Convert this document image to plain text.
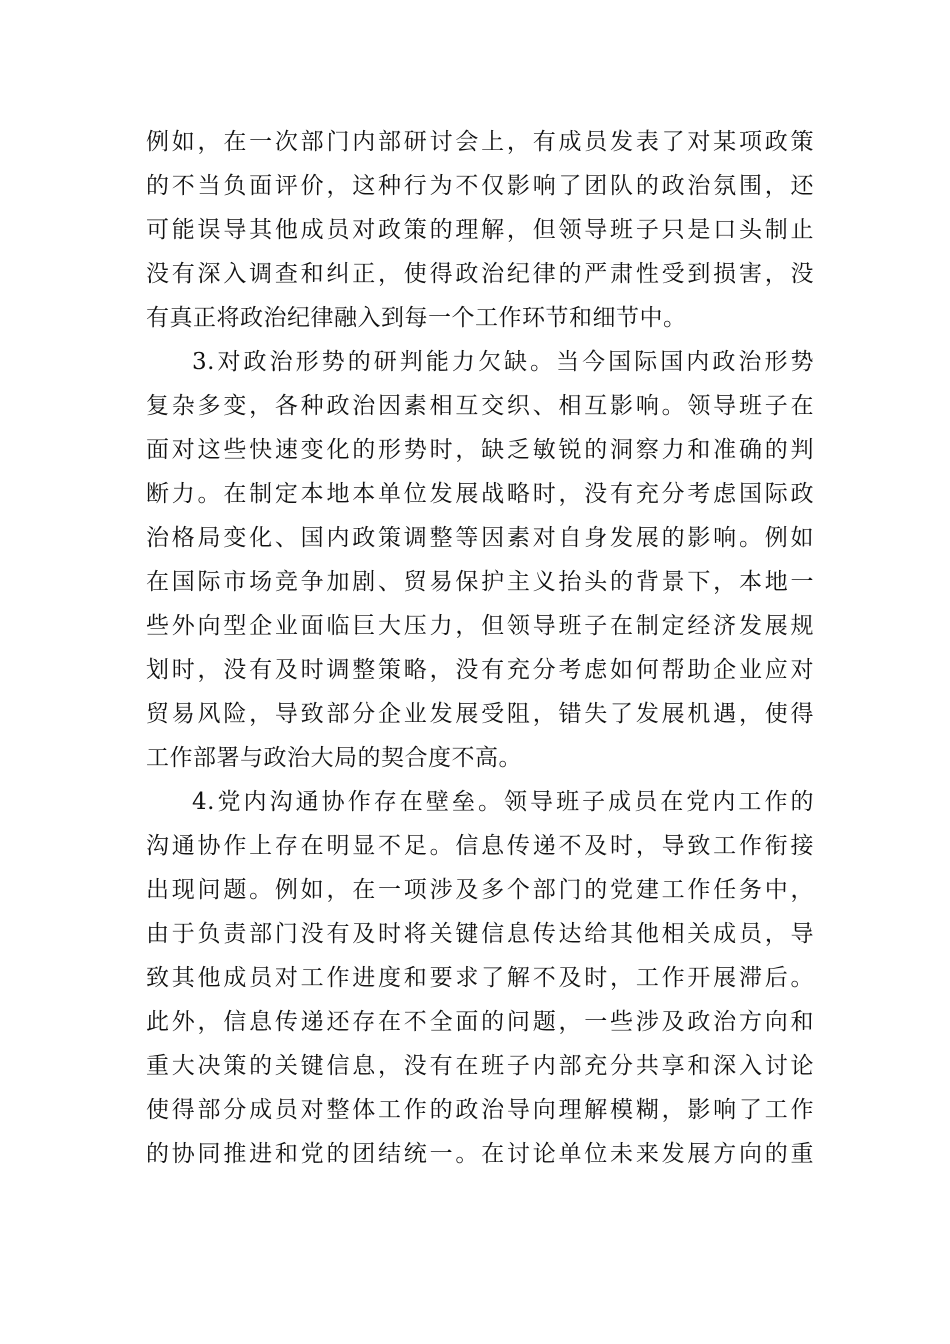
例如，在一次部门内部研讨会上，有成员发表了对某项政策
的不当负面评价，这种行为不仅影响了团队的政治氛围，还
可能误导其他成员对政策的理解，但领导班子只是口头制止
没有深入调查和纠正，使得政治纪律的严肃性受到损害，没
有真正将政治纪律融入到每一个工作环节和细节中。
3.对政治形势的研判能力欠缺。当今国际国内政治形势
复杂多变，各种政治因素相互交织、相互影响。领导班子在
面对这些快速变化的形势时，缺乏敏锐的洞察力和准确的判
断力。在制定本地本单位发展战略时，没有充分考虑国际政
治格局变化、国内政策调整等因素对自身发展的影响。例如
在国际市场竞争加剧、贸易保护主义抬头的背景下，本地一
些外向型企业面临巨大压力，但领导班子在制定经济发展规
划时，没有及时调整策略，没有充分考虑如何帮助企业应对
贸易风险，导致部分企业发展受阻，错失了发展机遇，使得
工作部署与政治大局的契合度不高。
4.党内沟通协作存在壁垒。领导班子成员在党内工作的
沟通协作上存在明显不足。信息传递不及时，导致工作衔接
出现问题。例如，在一项涉及多个部门的党建工作任务中，
由于负责部门没有及时将关键信息传达给其他相关成员，导
致其他成员对工作进度和要求了解不及时，工作开展滞后。
此外，信息传递还存在不全面的问题，一些涉及政治方向和
重大决策的关键信息，没有在班子内部充分共享和深入讨论
使得部分成员对整体工作的政治导向理解模糊，影响了工作
的协同推进和党的团结统一。在讨论单位未来发展方向的重
